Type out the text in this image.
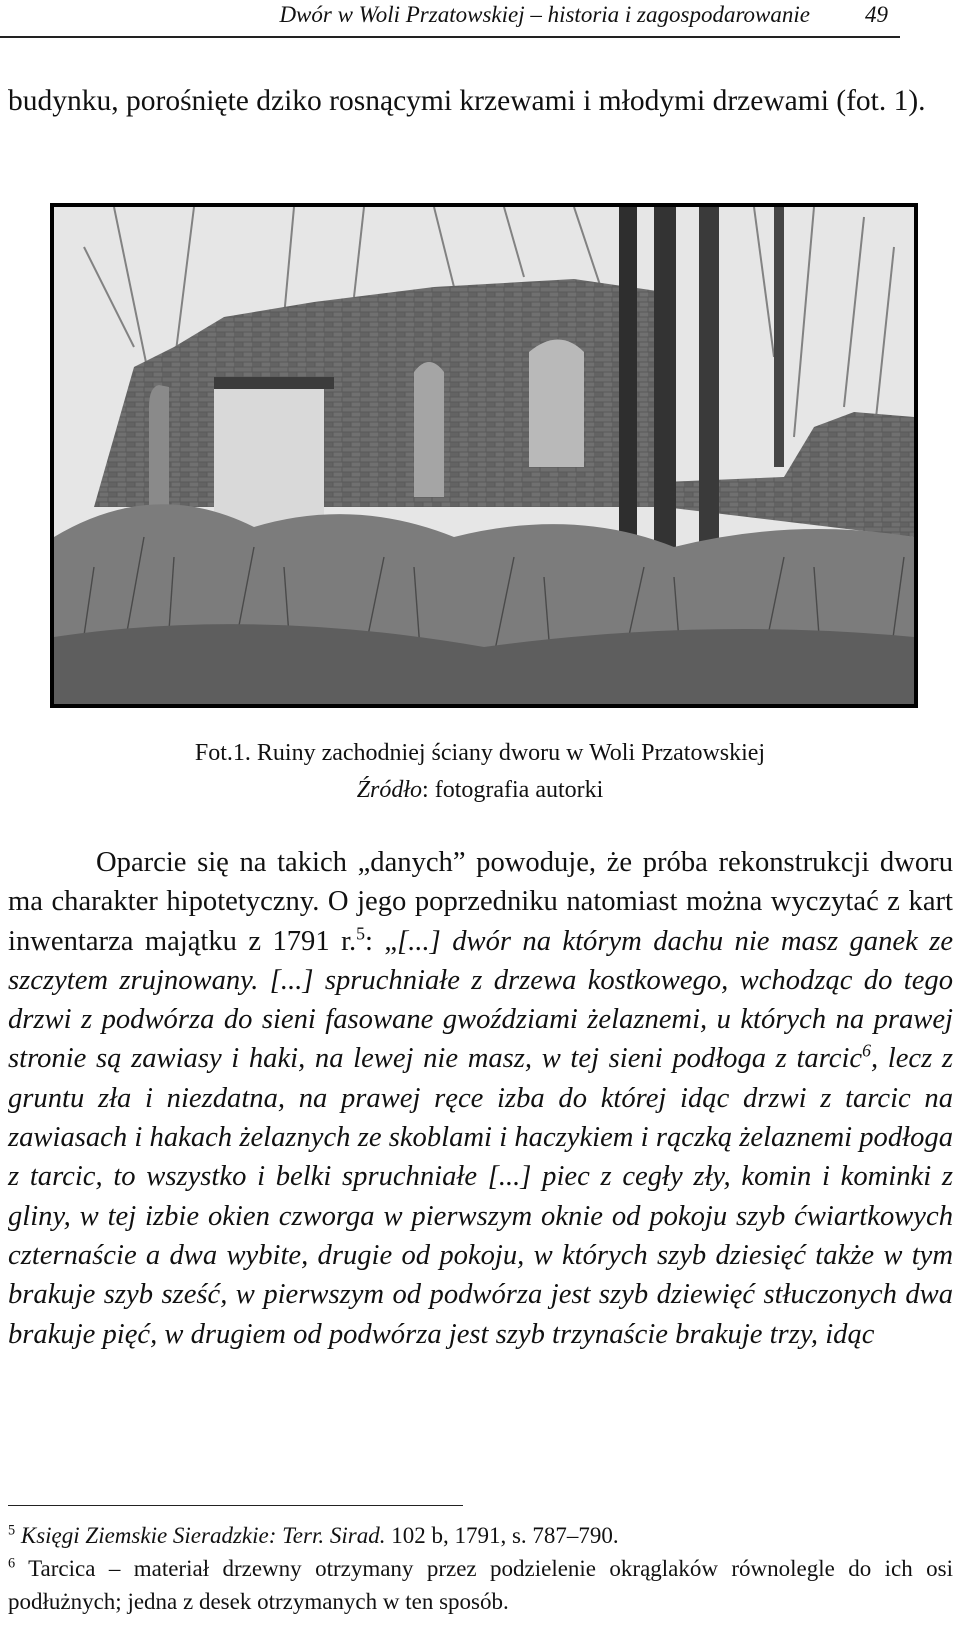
Dwór w Woli Przatowskiej – historia i zagospodarowanie 49

budynku, porośnięte dziko rosnącymi krzewami i młodymi drzewami (fot. 1).

Fot.1. Ruiny zachodniej ściany dworu w Woli Przatowskiej
Źródło: fotografia autorki

Oparcie się na takich „danych” powoduje, że próba rekonstrukcji dworu ma charakter hipotetyczny. O jego poprzedniku natomiast można wyczytać z kart inwentarza majątku z 1791 r.$^5$: „[...] dwór na którym dachu nie masz ganek ze szczytem zrujnowany. [...] spruchniałe z drzewa kostkowego, wchodząc do tego drzwi z podwórza do sieni fasowane gwoździami żelaznemi, u których na prawej stronie są zawiasy i haki, na lewej nie masz, w tej sieni podłoga z tarcic$^6$, lecz z gruntu zła i niezdatna, na prawej ręce izba do której idąc drzwi z tarcic na zawiasach i hakach żelaznych ze skoblami i haczykiem i rączką żelaznemi podłoga z tarcic, to wszystko i belki spruchniałe [...] piec z cegły zły, komin i kominki z gliny, w tej izbie okien czworga w pierwszym oknie od pokoju szyb ćwiartkowych czternaście a dwa wybite, drugie od pokoju, w których szyb dziesięć także w tym brakuje szyb sześć, w pierwszym od podwórza jest szyb dziewięć stłuczonych dwa brakuje pięć, w drugiem od podwórza jest szyb trzynaście brakuje trzy, idąc

$^5$ Księgi Ziemskie Sieradzkie: Terr. Sirad. 102 b, 1791, s. 787–790.

$^6$ Tarcica – materiał drzewny otrzymany przez podzielenie okrąglaków równolegle do ich osi podłużnych; jedna z desek otrzymanych w ten sposób.
